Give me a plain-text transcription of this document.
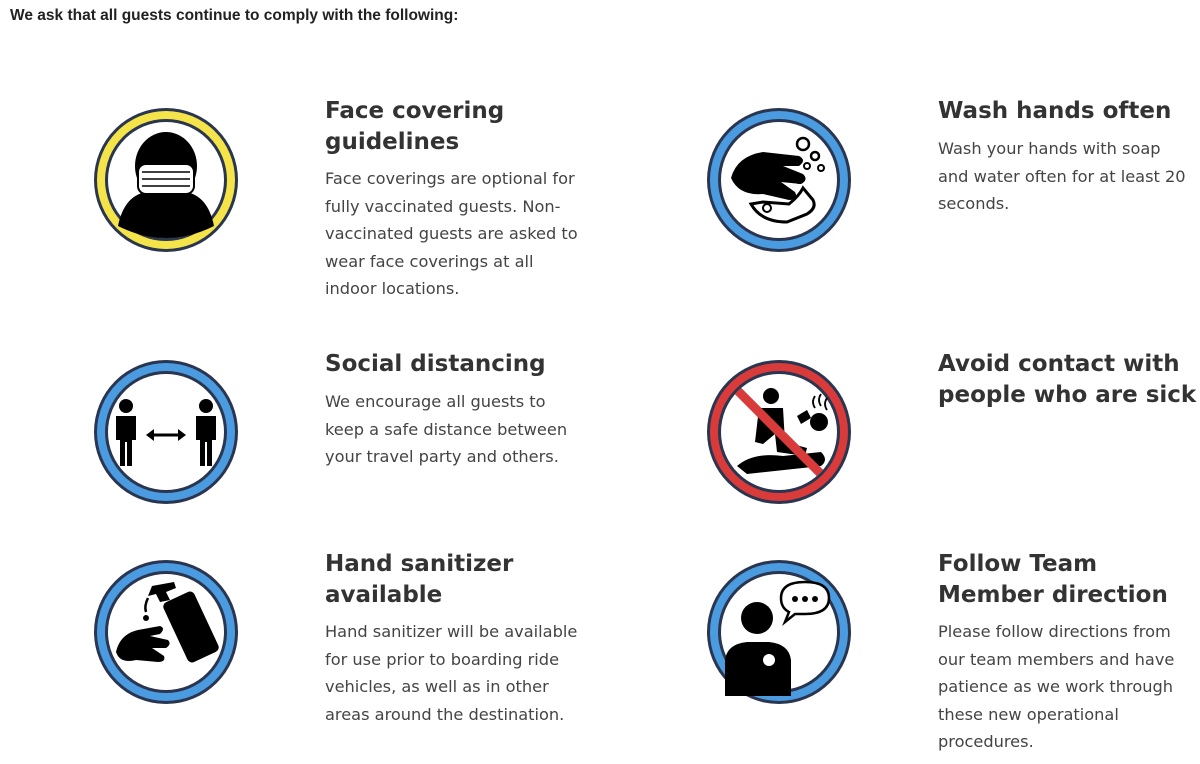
We ask that all guests continue to comply with the following:

Face covering guidelines

Face coverings are optional for fully vaccinated guests. Non-vaccinated guests are asked to wear face coverings at all indoor locations.

Wash hands often

Wash your hands with soap and water often for at least 20 seconds.

Social distancing

We encourage all guests to keep a safe distance between your travel party and others.

Avoid contact with people who are sick

Hand sanitizer available

Hand sanitizer will be available for use prior to boarding ride vehicles, as well as in other areas around the destination.

Follow Team Member direction

Please follow directions from our team members and have patience as we work through these new operational procedures.
